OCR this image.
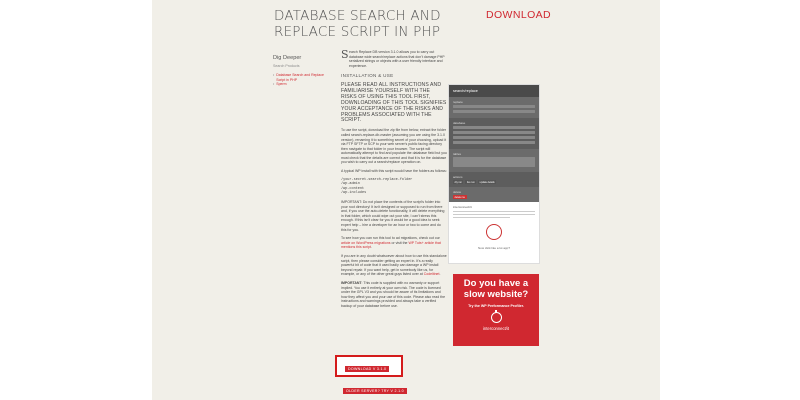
DATABASE SEARCH AND
REPLACE SCRIPT IN PHP
DOWNLOAD
Dig Deeper
Search Products
• Database Search and Replace Script in PHP
• Sperm

S earch Replace DB version 3.1.0 allows you to carry out database wide search/replace actions that don't damage PHP serialized strings or objects with a user friendly interface and experience.

INSTALLATION & USE

PLEASE READ ALL INSTRUCTIONS AND FAMILIARISE YOURSELF WITH THE RISKS OF USING THIS TOOL FIRST, DOWNLOADING OF THIS TOOL SIGNIFIES YOUR ACCEPTANCE OF THE RISKS AND PROBLEMS ASSOCIATED WITH THE SCRIPT.

To use the script, download the zip file from below, extract the folder called search-replace-db-master (assuming you are using the 3.1.0 version), renaming it to something secret of your choosing, upload it via FTP SFTP or SCP to your web server's public facing directory then navigate to that folder in your browser. The script will automatically attempt to find and populate the database field but you must check that the details are correct and that it is for the database you wish to carry out a search/replace operation on.

A typical WP install with this script would have the folders as follows:

/your-secret-search-replace-folder
/wp-admin
/wp-content
/wp-includes

IMPORTANT: Do not place the contents of the script's folder into your root directory! It isn't designed or supposed to run from there and, if you use the auto-delete functionality, it will delete everything in that folder, which could wipe out your site, I can't stress this enough. If this isn't clear for you it would be a good idea to seek expert help – hire a developer for an hour or two to come and do this for you.

To see how you can run this tool to ad migrations, check out our article on WordPress migrations or visit the WP Tuts+ article that mentions this script.

If you are in any doubt whatsoever about how to use this standalone script, then please consider getting an expert in. It's a really powerful bit of code that it used badly can damage a WP install beyond repair. If you want help, get in somebody like us, for example, or any of the other great guys listed over at Codeltinet.

IMPORTANT: This code is supplied with no warranty or support implied. You use it entirely at your own risk. The code is licensed under the GPL V3 and you should be aware of its limitations and how they affect you and your use of this code. Please also read the instructions and warnings provided and always take a verified backup of your database before use.

DOWNLOAD V 3.1.0
OLDER SERVER? TRY V 2.1.0
search/replace
replace
database
tables
actions
dry run	live run	update details
delete
delete me
interconnect/it
Now click like a lot app?
Do you have a slow website?
Try the WP Performance Profiler.
interconnect/it
